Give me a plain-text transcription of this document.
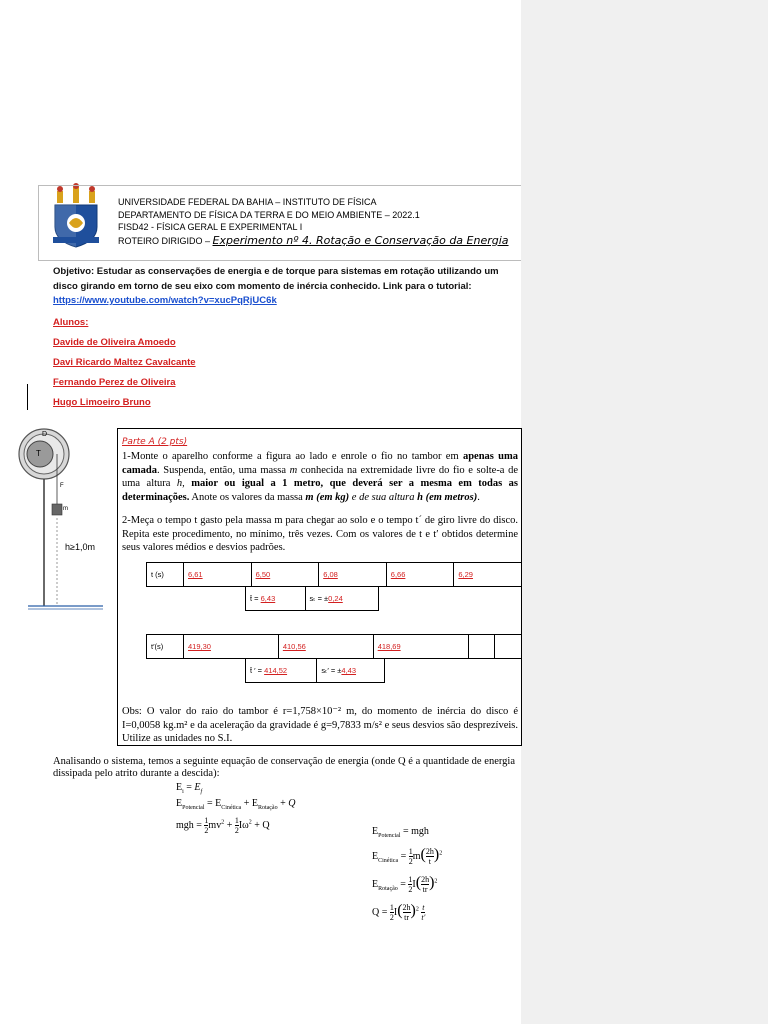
UNIVERSIDADE FEDERAL DA BAHIA – INSTITUTO DE FÍSICA
DEPARTAMENTO DE FÍSICA DA TERRA E DO MEIO AMBIENTE – 2022.1
FISD42 - FÍSICA GERAL E EXPERIMENTAL I
ROTEIRO DIRIGIDO – Experimento nº 4. Rotação e Conservação da Energia
Objetivo: Estudar as conservações de energia e de torque para sistemas em rotação utilizando um disco girando em torno de seu eixo com momento de inércia conhecido. Link para o tutorial:
https://www.youtube.com/watch?v=xucPqRjUC6k
Alunos:
Davide de Oliveira Amoedo
Davi Ricardo Maltez Cavalcante
Fernando Perez de Oliveira
Hugo Limoeiro Bruno
D
T
F
m
h≥1,0m
Parte A (2 pts)

1-Monte o aparelho conforme a figura ao lado e enrole o fio no tambor em apenas uma camada. Suspenda, então, uma massa m conhecida na extremidade livre do fio e solte-a de uma altura h, maior ou igual a 1 metro, que deverá ser a mesma em todas as determinações. Anote os valores da massa m (em kg) e de sua altura h (em metros).

2-Meça o tempo t gasto pela massa m para chegar ao solo e o tempo t´ de giro livre do disco. Repita este procedimento, no mínimo, três vezes. Com os valores de t e t′ obtidos determine seus valores médios e desvios padrões.

t (s)	6,61	6,50	6,08	6,66	6,29
t̄ = 6,43	sₜ = ±0,24
t′(s)	419,30	410,56	418,69		
t̄ ′ = 414,52	sₜ′ = ±4,43

Obs: O valor do raio do tambor é r=1,758×10⁻² m, do momento de inércia do disco é I=0,0058 kg.m² e da aceleração da gravidade é g=9,7833 m/s² e seus desvios são desprezíveis. Utilize as unidades no S.I.

Analisando o sistema, temos a seguinte equação de conservação de energia (onde Q é a quantidade de energia dissipada pelo atrito durante a descida):
$E_i = E_f$
$E_{Potencial} = E_{Cinética} + E_{Rotação} + Q$
mgh = $\frac{1}{2} mv^2 + \frac{1}{2} I\omega^2 + Q$
$E_{Potencial}$ = mgh
$E_{Cinética} = \frac{1}{2} m( \frac{2h}{t} )^2$
$E_{Rotação} = \frac{1}{2} I( \frac{2h}{tr} )^2$
$Q = \frac{1}{2} I( \frac{2h}{tr} )^2 \frac{t}{t'}$
